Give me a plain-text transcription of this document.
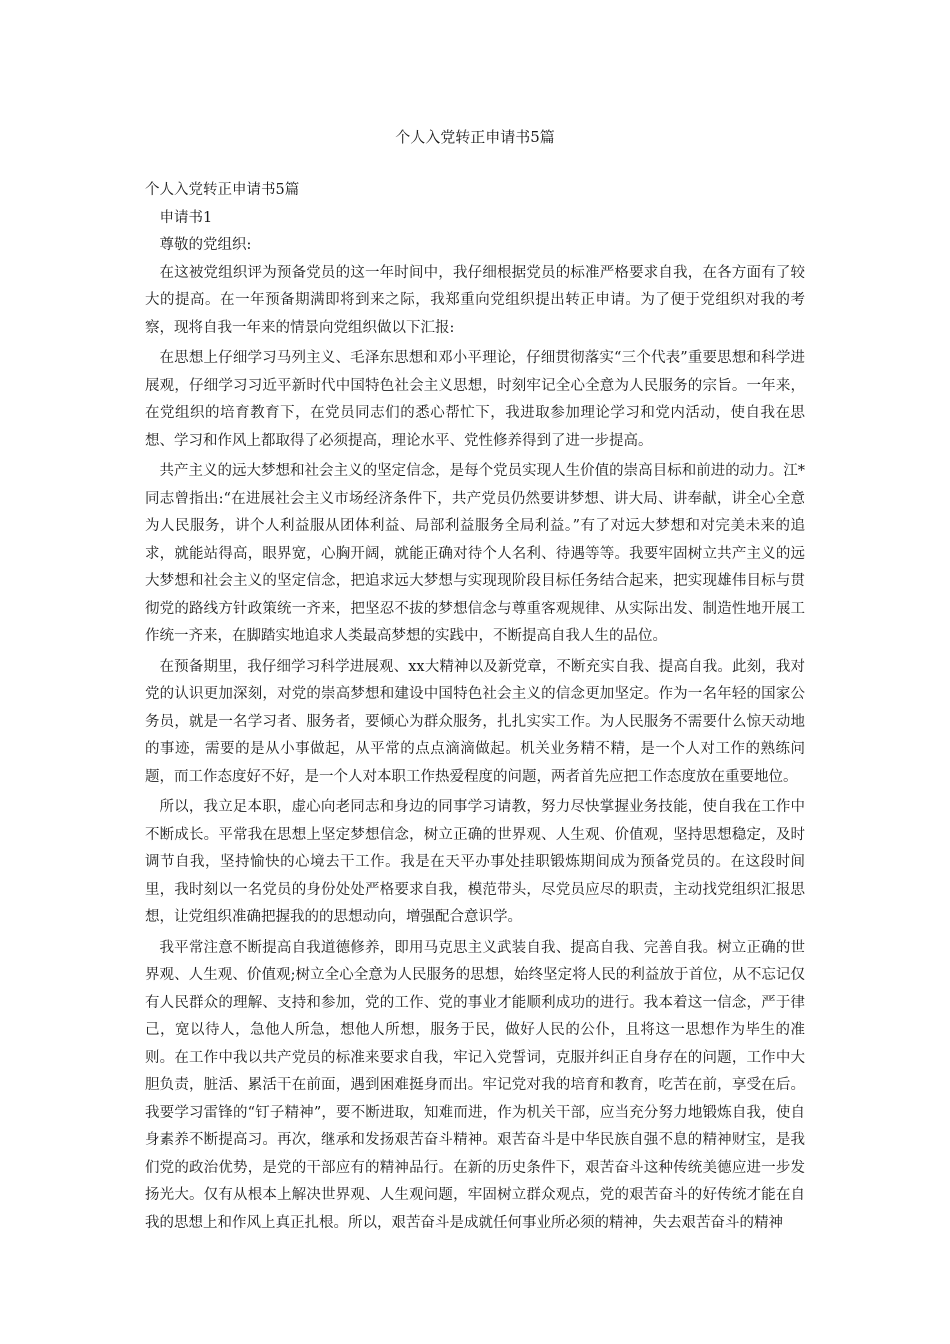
个人入党转正申请书5篇

个人入党转正申请书5篇

申请书1

尊敬的党组织:

在这被党组织评为预备党员的这一年时间中，我仔细根据党员的标准严格要求自我，在各方面有了较大的提高。在一年预备期满即将到来之际，我郑重向党组织提出转正申请。为了便于党组织对我的考察，现将自我一年来的情景向党组织做以下汇报:

在思想上仔细学习马列主义、毛泽东思想和邓小平理论，仔细贯彻落实“三个代表”重要思想和科学进展观，仔细学习习近平新时代中国特色社会主义思想，时刻牢记全心全意为人民服务的宗旨。一年来，在党组织的培育教育下，在党员同志们的悉心帮忙下，我进取参加理论学习和党内活动，使自我在思想、学习和作风上都取得了必须提高，理论水平、党性修养得到了进一步提高。

共产主义的远大梦想和社会主义的坚定信念，是每个党员实现人生价值的崇高目标和前进的动力。江*同志曾指出:“在进展社会主义市场经济条件下，共产党员仍然要讲梦想、讲大局、讲奉献，讲全心全意为人民服务，讲个人利益服从团体利益、局部利益服务全局利益。”有了对远大梦想和对完美未来的追求，就能站得高，眼界宽，心胸开阔，就能正确对待个人名利、待遇等等。我要牢固树立共产主义的远大梦想和社会主义的坚定信念，把追求远大梦想与实现现阶段目标任务结合起来，把实现雄伟目标与贯彻党的路线方针政策统一齐来，把坚忍不拔的梦想信念与尊重客观规律、从实际出发、制造性地开展工作统一齐来，在脚踏实地追求人类最高梦想的实践中，不断提高自我人生的品位。

在预备期里，我仔细学习科学进展观、xx大精神以及新党章，不断充实自我、提高自我。此刻，我对党的认识更加深刻，对党的崇高梦想和建设中国特色社会主义的信念更加坚定。作为一名年轻的国家公务员，就是一名学习者、服务者，要倾心为群众服务，扎扎实实工作。为人民服务不需要什么惊天动地的事迹，需要的是从小事做起，从平常的点点滴滴做起。机关业务精不精，是一个人对工作的熟练问题，而工作态度好不好，是一个人对本职工作热爱程度的问题，两者首先应把工作态度放在重要地位。

所以，我立足本职，虚心向老同志和身边的同事学习请教，努力尽快掌握业务技能，使自我在工作中不断成长。平常我在思想上坚定梦想信念，树立正确的世界观、人生观、价值观，坚持思想稳定，及时调节自我，坚持愉快的心境去干工作。我是在天平办事处挂职锻炼期间成为预备党员的。在这段时间里，我时刻以一名党员的身份处处严格要求自我，模范带头，尽党员应尽的职责，主动找党组织汇报思想，让党组织准确把握我的的思想动向，增强配合意识学。

我平常注意不断提高自我道德修养，即用马克思主义武装自我、提高自我、完善自我。树立正确的世界观、人生观、价值观;树立全心全意为人民服务的思想，始终坚定将人民的利益放于首位，从不忘记仅有人民群众的理解、支持和参加，党的工作、党的事业才能顺利成功的进行。我本着这一信念，严于律己，宽以待人，急他人所急，想他人所想，服务于民，做好人民的公仆，且将这一思想作为毕生的准则。在工作中我以共产党员的标准来要求自我，牢记入党誓词，克服并纠正自身存在的问题，工作中大胆负责，脏活、累活干在前面，遇到困难挺身而出。牢记党对我的培育和教育，吃苦在前，享受在后。我要学习雷锋的“钉子精神”，要不断进取，知难而进，作为机关干部，应当充分努力地锻炼自我，使自身素养不断提高习。再次，继承和发扬艰苦奋斗精神。艰苦奋斗是中华民族自强不息的精神财宝，是我们党的政治优势，是党的干部应有的精神品行。在新的历史条件下，艰苦奋斗这种传统美德应进一步发扬光大。仅有从根本上解决世界观、人生观问题，牢固树立群众观点，党的艰苦奋斗的好传统才能在自我的思想上和作风上真正扎根。所以，艰苦奋斗是成就任何事业所必须的精神，失去艰苦奋斗的精神
